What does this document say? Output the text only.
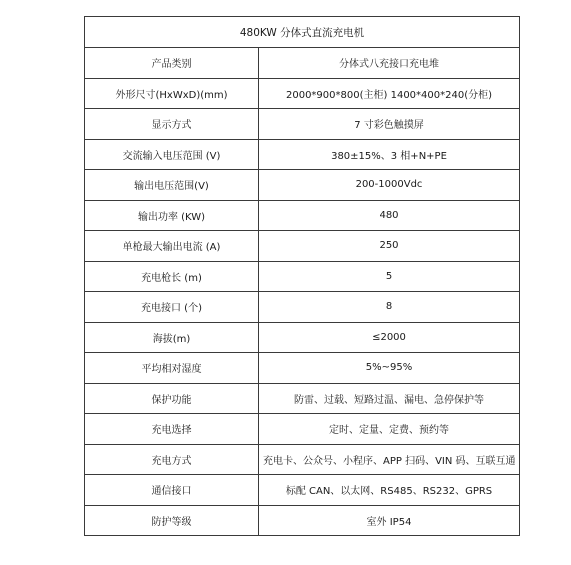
480KW 分体式直流充电机	
产品类别	分体式八充接口充电堆
外形尺寸(HxWxD)(mm)	2000*900*800(主柜) 1400*400*240(分柜)
显示方式	7 寸彩色触摸屏
交流输入电压范围 (V)	380±15%、3 相+N+PE
输出电压范围(V)	200-1000Vdc
输出功率 (KW)	480
单枪最大输出电流 (A)	250
充电枪长 (m)	5
充电接口 (个)	8
海拔(m)	≤2000
平均相对湿度	5%~95%
保护功能	防雷、过载、短路过温、漏电、急停保护等
充电选择	定时、定量、定费、预约等
充电方式	充电卡、公众号、小程序、APP 扫码、VIN 码、互联互通
通信接口	标配 CAN、以太网、RS485、RS232、GPRS
防护等级	室外 IP54
